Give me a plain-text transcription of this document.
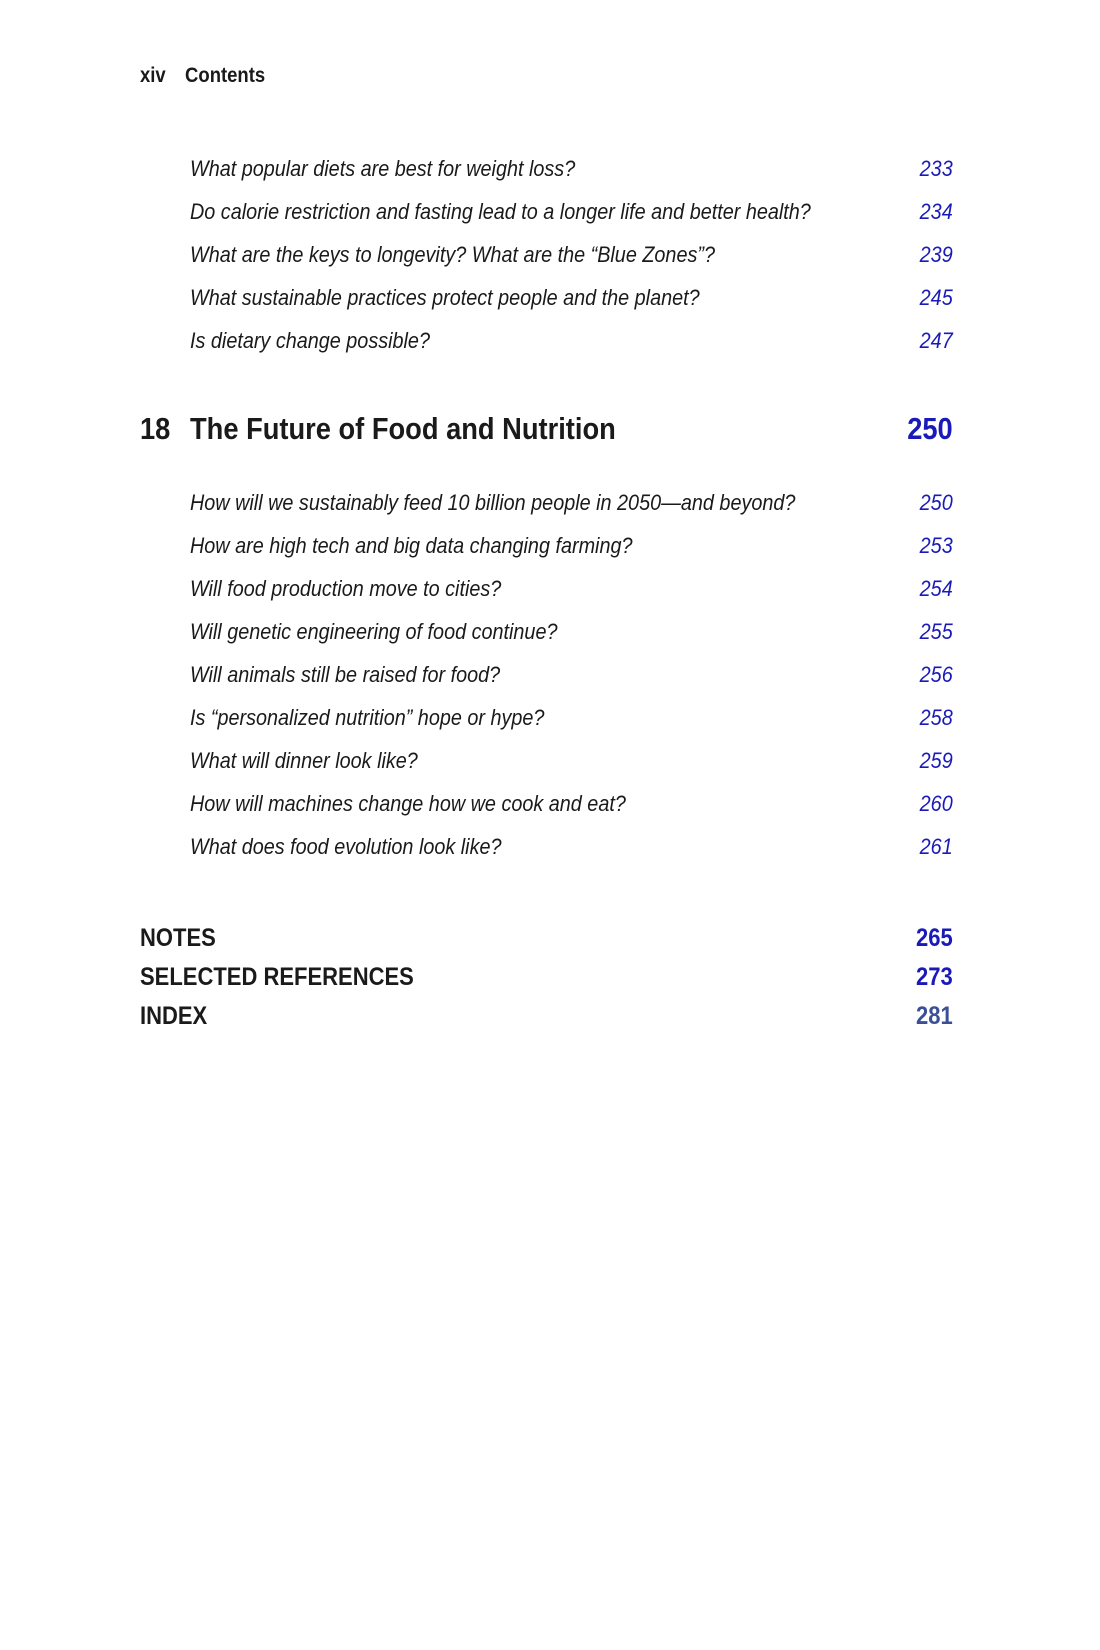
xiv Contents
What popular diets are best for weight loss?	233
Do calorie restriction and fasting lead to a longer life and better health?	234
What are the keys to longevity? What are the “Blue Zones”?	239
What sustainable practices protect people and the planet?	245
Is dietary change possible?	247
18 The Future of Food and Nutrition	250
How will we sustainably feed 10 billion people in 2050—and beyond?	250
How are high tech and big data changing farming?	253
Will food production move to cities?	254
Will genetic engineering of food continue?	255
Will animals still be raised for food?	256
Is “personalized nutrition” hope or hype?	258
What will dinner look like?	259
How will machines change how we cook and eat?	260
What does food evolution look like?	261
NOTES	265
SELECTED REFERENCES	273
INDEX	281
